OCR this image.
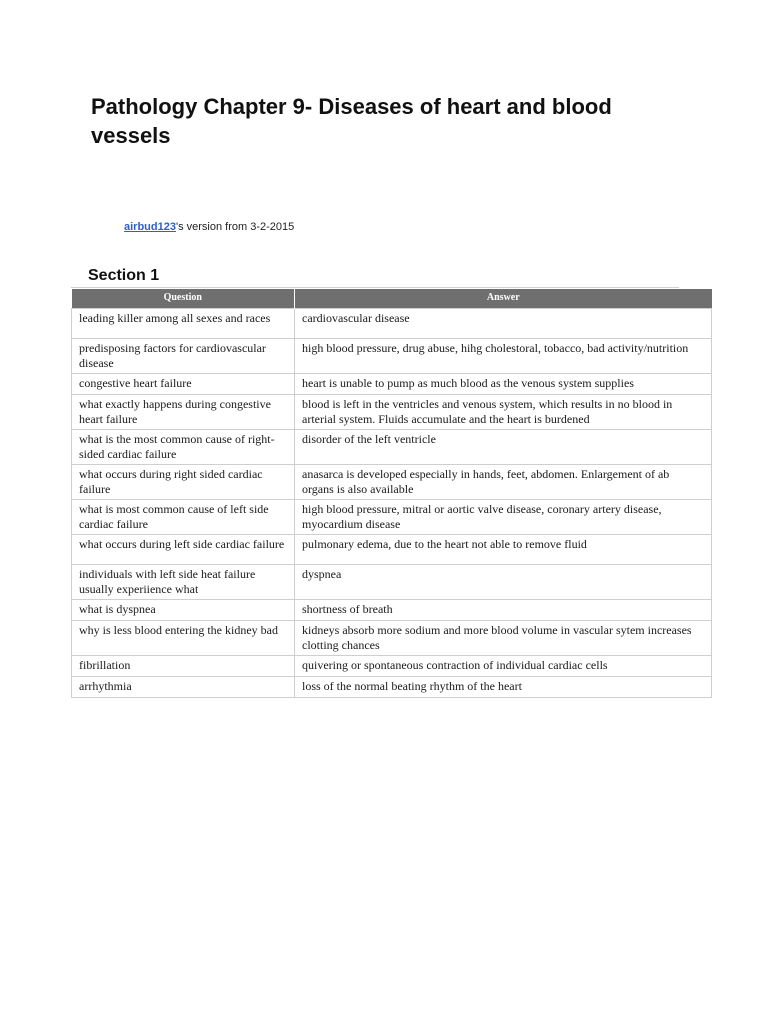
Pathology Chapter 9- Diseases of heart and blood vessels
airbud123's version from 3-2-2015
Section 1
Question	Answer
leading killer among all sexes and races	cardiovascular disease
predisposing factors for cardiovascular disease	high blood pressure, drug abuse, hihg cholestoral, tobacco, bad activity/nutrition
congestive heart failure	heart is unable to pump as much blood as the venous system supplies
what exactly happens during congestive heart failure	blood is left in the ventricles and venous system, which results in no blood in arterial system. Fluids accumulate and the heart is burdened
what is the most common cause of right-sided cardiac failure	disorder of the left ventricle
what occurs during right sided cardiac failure	anasarca is developed especially in hands, feet, abdomen. Enlargement of ab organs is also available
what is most common cause of left side cardiac failure	high blood pressure, mitral or aortic valve disease, coronary artery disease, myocardium disease
what occurs during left side cardiac failure	pulmonary edema, due to the heart not able to remove fluid
individuals with left side heat failure usually experiience what	dyspnea
what is dyspnea	shortness of breath
why is less blood entering the kidney bad	kidneys absorb more sodium and more blood volume in vascular sytem increases clotting chances
fibrillation	quivering or spontaneous contraction of individual cardiac cells
arrhythmia	loss of the normal beating rhythm of the heart
